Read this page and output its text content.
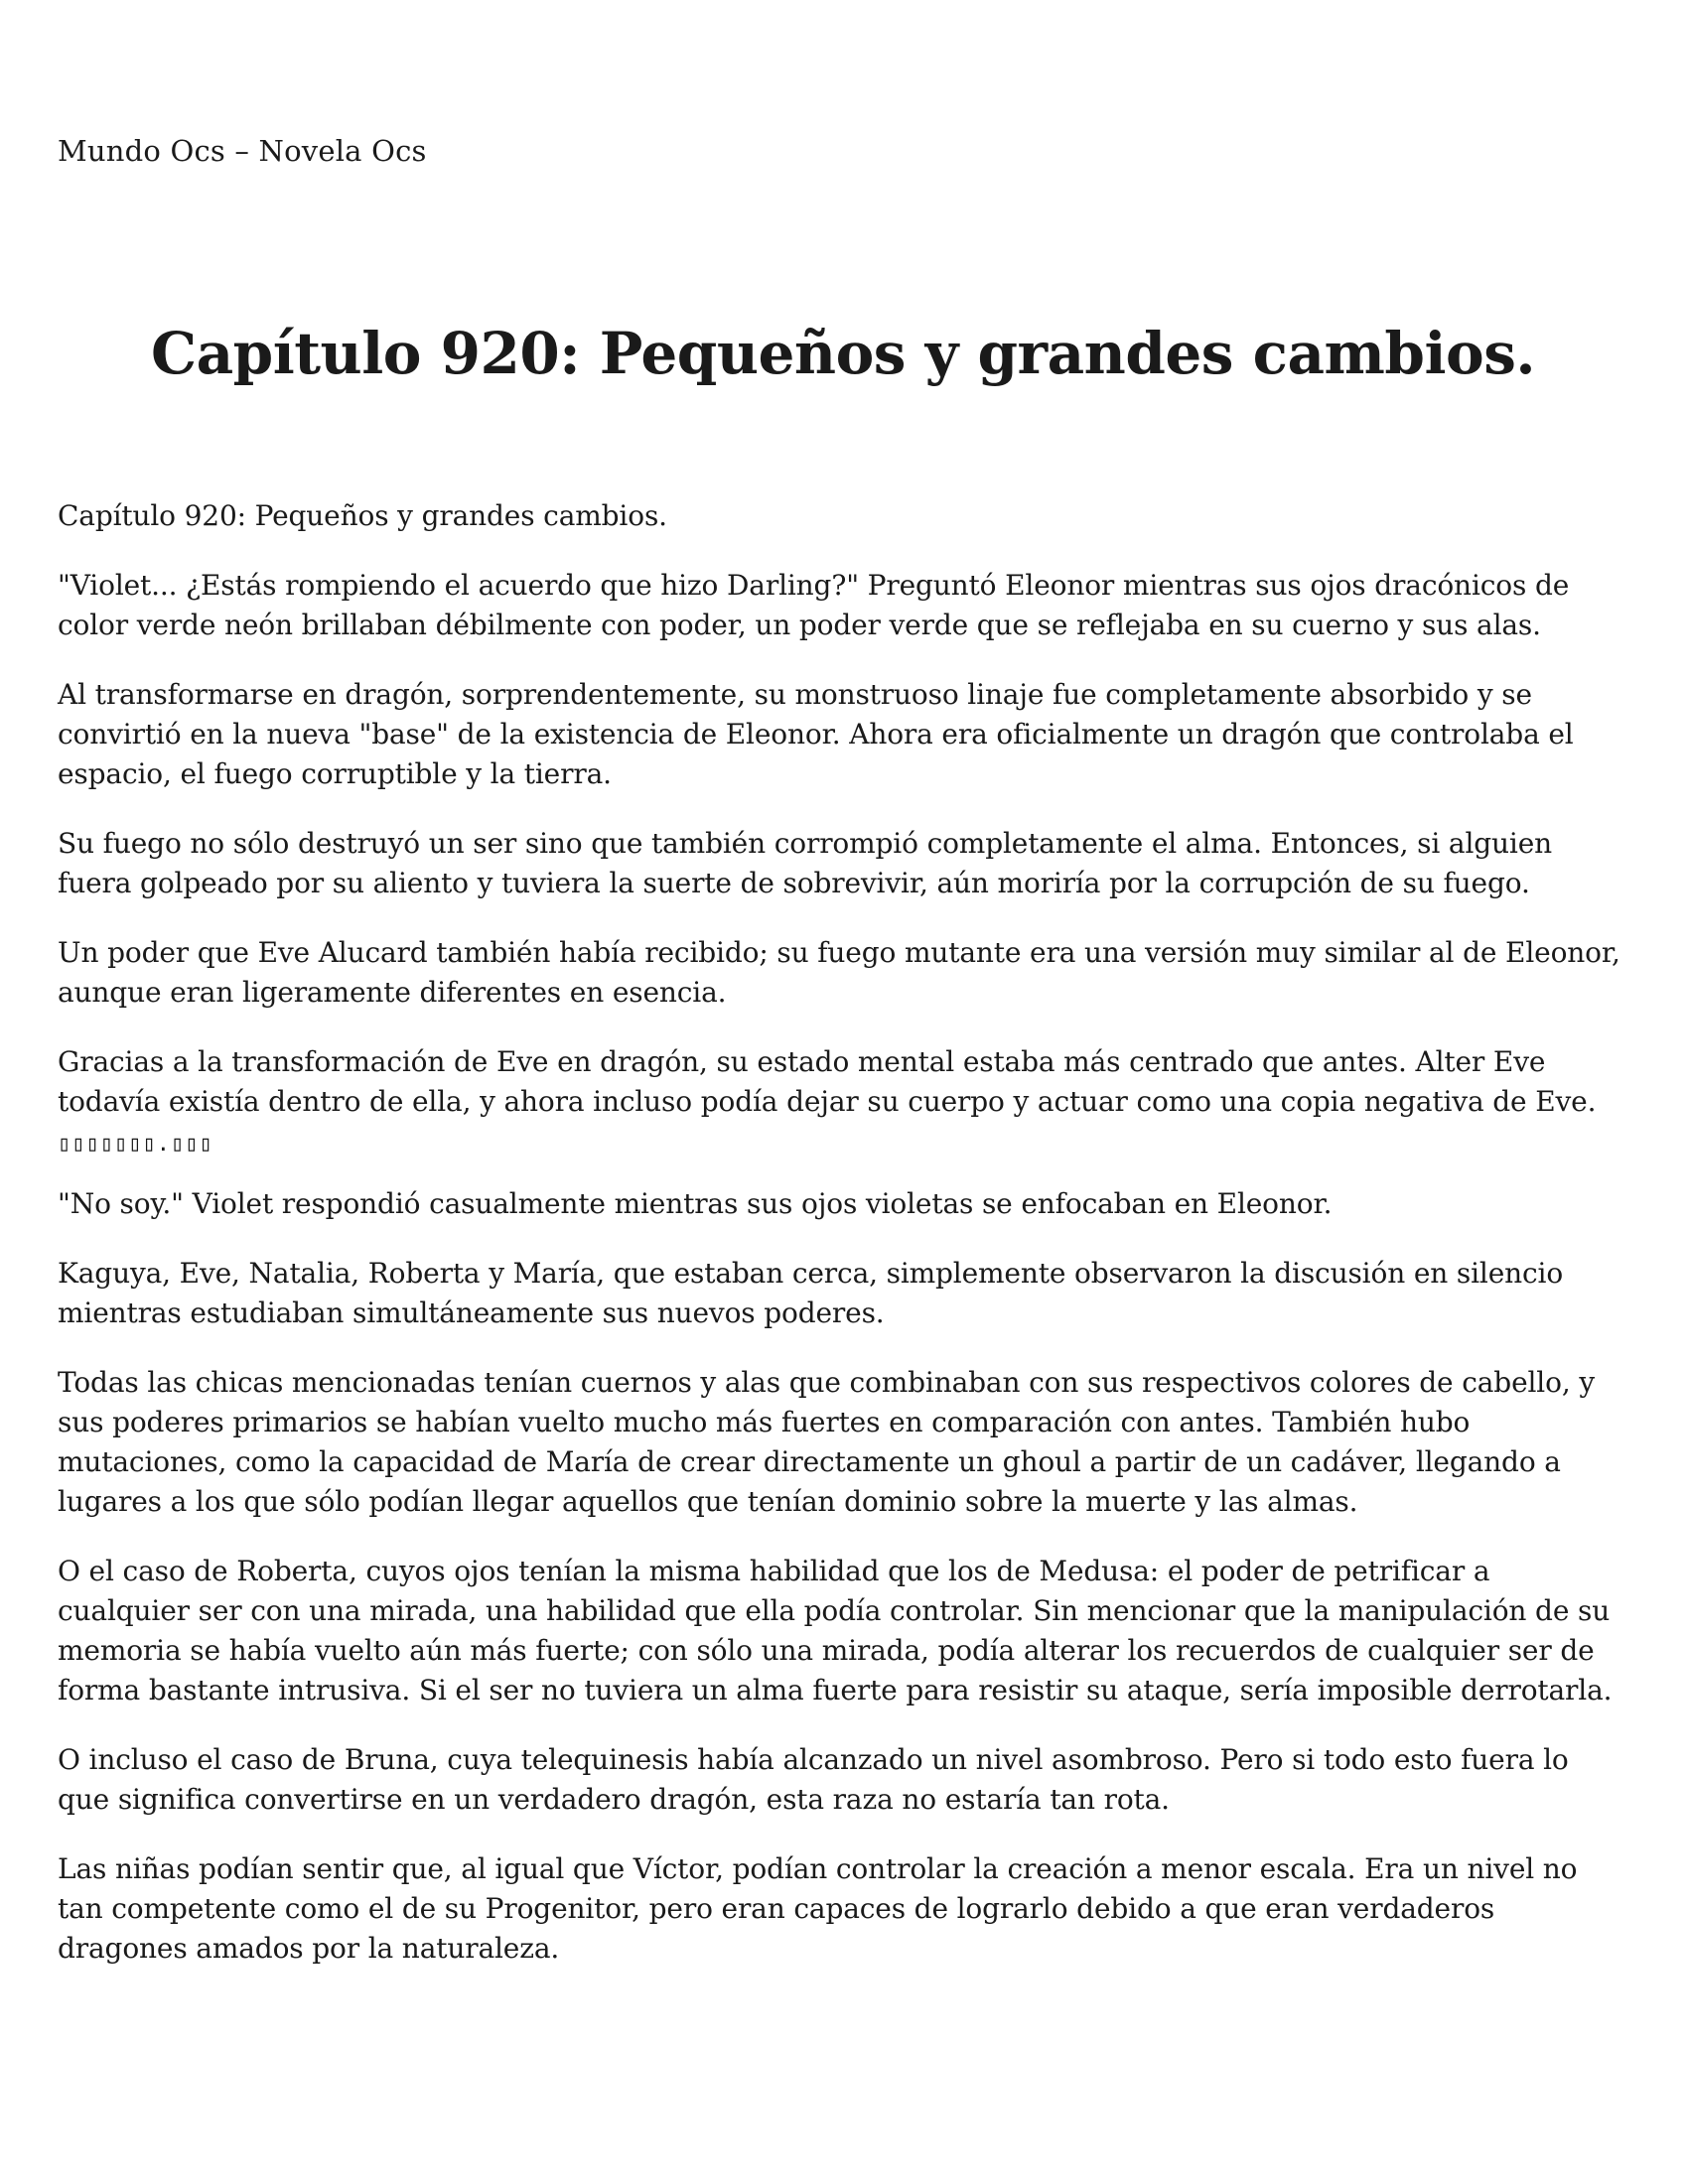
Mundo Ocs – Novela Ocs

Capítulo 920: Pequeños y grandes cambios.

Capítulo 920: Pequeños y grandes cambios.

"Violet... ¿Estás rompiendo el acuerdo que hizo Darling?" Preguntó Eleonor mientras sus ojos dracónicos de color verde neón brillaban débilmente con poder, un poder verde que se reflejaba en su cuerno y sus alas.

Al transformarse en dragón, sorprendentemente, su monstruoso linaje fue completamente absorbido y se convirtió en la nueva "base" de la existencia de Eleonor. Ahora era oficialmente un dragón que controlaba el espacio, el fuego corruptible y la tierra.

Su fuego no sólo destruyó un ser sino que también corrompió completamente el alma. Entonces, si alguien fuera golpeado por su aliento y tuviera la suerte de sobrevivir, aún moriría por la corrupción de su fuego.

Un poder que Eve Alucard también había recibido; su fuego mutante era una versión muy similar al de Eleonor, aunque eran ligeramente diferentes en esencia.

Gracias a la transformación de Eve en dragón, su estado mental estaba más centrado que antes. Alter Eve todavía existía dentro de ella, y ahora incluso podía dejar su cuerpo y actuar como una copia negativa de Eve.
▯▯▯▯▯▯▯.▯▯▯

"No soy." Violet respondió casualmente mientras sus ojos violetas se enfocaban en Eleonor.

Kaguya, Eve, Natalia, Roberta y María, que estaban cerca, simplemente observaron la discusión en silencio mientras estudiaban simultáneamente sus nuevos poderes.

Todas las chicas mencionadas tenían cuernos y alas que combinaban con sus respectivos colores de cabello, y sus poderes primarios se habían vuelto mucho más fuertes en comparación con antes. También hubo mutaciones, como la capacidad de María de crear directamente un ghoul a partir de un cadáver, llegando a lugares a los que sólo podían llegar aquellos que tenían dominio sobre la muerte y las almas.

O el caso de Roberta, cuyos ojos tenían la misma habilidad que los de Medusa: el poder de petrificar a cualquier ser con una mirada, una habilidad que ella podía controlar. Sin mencionar que la manipulación de su memoria se había vuelto aún más fuerte; con sólo una mirada, podía alterar los recuerdos de cualquier ser de forma bastante intrusiva. Si el ser no tuviera un alma fuerte para resistir su ataque, sería imposible derrotarla.

O incluso el caso de Bruna, cuya telequinesis había alcanzado un nivel asombroso. Pero si todo esto fuera lo que significa convertirse en un verdadero dragón, esta raza no estaría tan rota.

Las niñas podían sentir que, al igual que Víctor, podían controlar la creación a menor escala. Era un nivel no tan competente como el de su Progenitor, pero eran capaces de lograrlo debido a que eran verdaderos dragones amados por la naturaleza.
